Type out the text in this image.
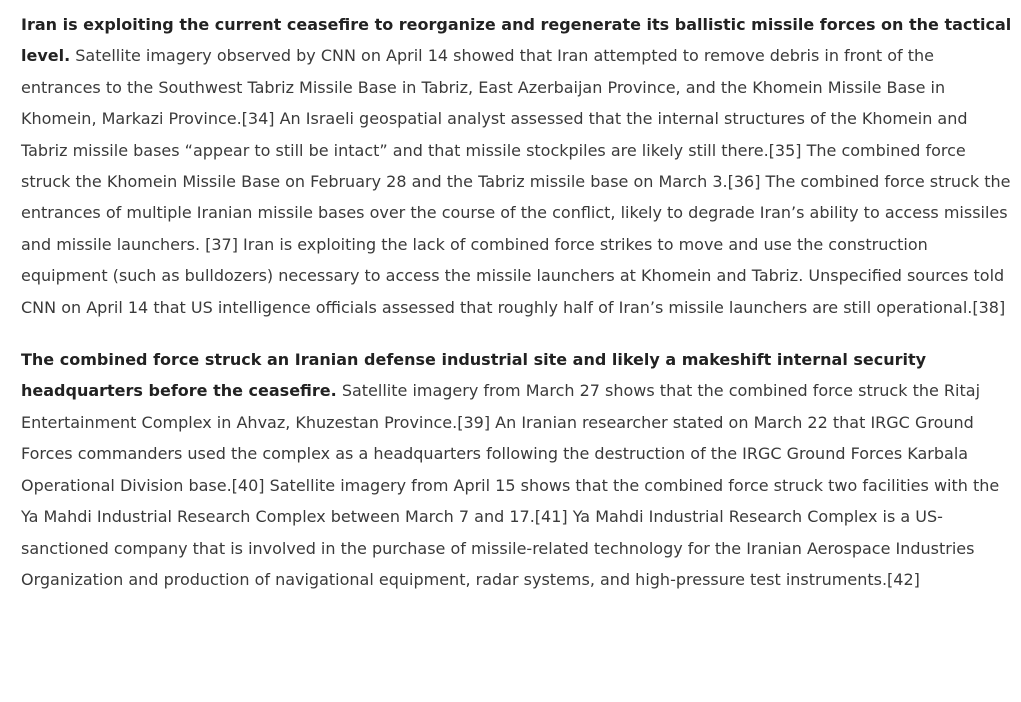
Iran is exploiting the current ceasefire to reorganize and regenerate its ballistic missile forces on the tactical level. Satellite imagery observed by CNN on April 14 showed that Iran attempted to remove debris in front of the entrances to the Southwest Tabriz Missile Base in Tabriz, East Azerbaijan Province, and the Khomein Missile Base in Khomein, Markazi Province.[34] An Israeli geospatial analyst assessed that the internal structures of the Khomein and Tabriz missile bases “appear to still be intact” and that missile stockpiles are likely still there.[35] The combined force struck the Khomein Missile Base on February 28 and the Tabriz missile base on March 3.[36] The combined force struck the entrances of multiple Iranian missile bases over the course of the conflict, likely to degrade Iran’s ability to access missiles and missile launchers. [37] Iran is exploiting the lack of combined force strikes to move and use the construction equipment (such as bulldozers) necessary to access the missile launchers at Khomein and Tabriz. Unspecified sources told CNN on April 14 that US intelligence officials assessed that roughly half of Iran’s missile launchers are still operational.[38]

The combined force struck an Iranian defense industrial site and likely a makeshift internal security headquarters before the ceasefire. Satellite imagery from March 27 shows that the combined force struck the Ritaj Entertainment Complex in Ahvaz, Khuzestan Province.[39] An Iranian researcher stated on March 22 that IRGC Ground Forces commanders used the complex as a headquarters following the destruction of the IRGC Ground Forces Karbala Operational Division base.[40] Satellite imagery from April 15 shows that the combined force struck two facilities with the Ya Mahdi Industrial Research Complex between March 7 and 17.[41] Ya Mahdi Industrial Research Complex is a US-sanctioned company that is involved in the purchase of missile-related technology for the Iranian Aerospace Industries Organization and production of navigational equipment, radar systems, and high-pressure test instruments.[42]
